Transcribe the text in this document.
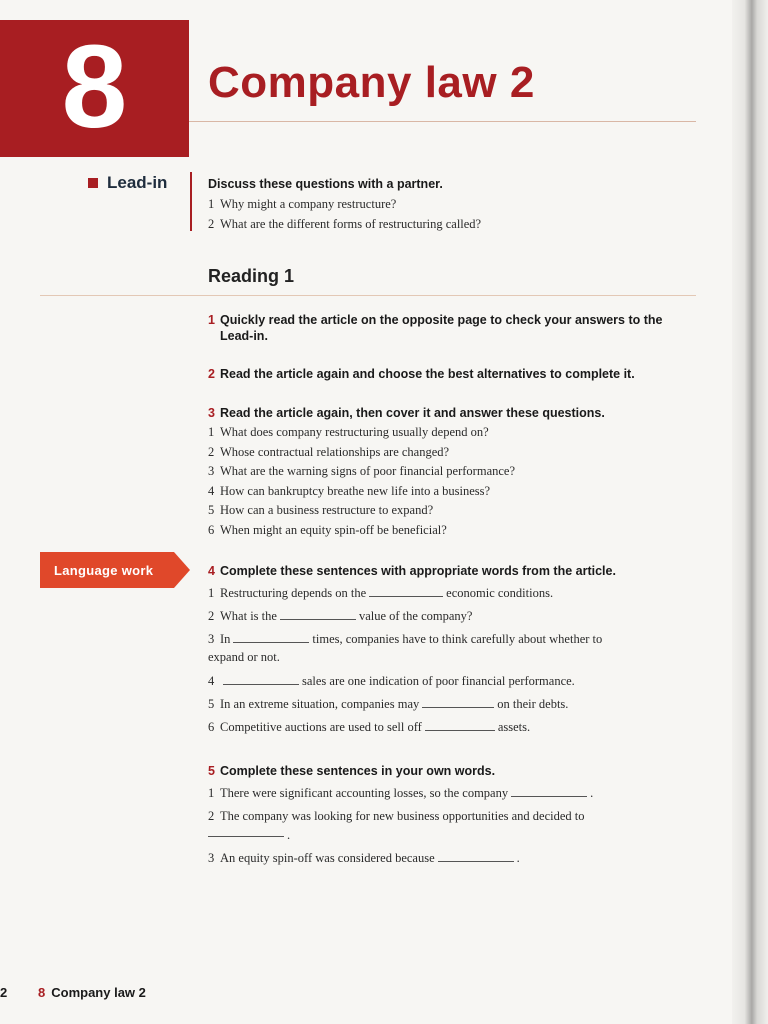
8 Company law 2
Lead-in	Discuss these questions with a partner.
1 Why might a company restructure?
2 What are the different forms of restructuring called?
Reading 1
1 Quickly read the article on the opposite page to check your answers to the Lead-in.
2 Read the article again and choose the best alternatives to complete it.
3 Read the article again, then cover it and answer these questions.
1 What does company restructuring usually depend on?
2 Whose contractual relationships are changed?
3 What are the warning signs of poor financial performance?
4 How can bankruptcy breathe new life into a business?
5 How can a business restructure to expand?
6 When might an equity spin-off be beneficial?
Language work	4 Complete these sentences with appropriate words from the article.
1 Restructuring depends on the	economic conditions.
2 What is the	value of the company?
3 In	times, companies have to think carefully about whether to
expand or not.
4	sales are one indication of poor financial performance.
5 In an extreme situation, companies may	on their debts.
6 Competitive auctions are used to sell off	assets.
5 Complete these sentences in your own words.
1 There were significant accounting losses, so the company	.
2 The company was looking for new business opportunities and decided to
.
3 An equity spin-off was considered because	.
2	8 Company law 2
